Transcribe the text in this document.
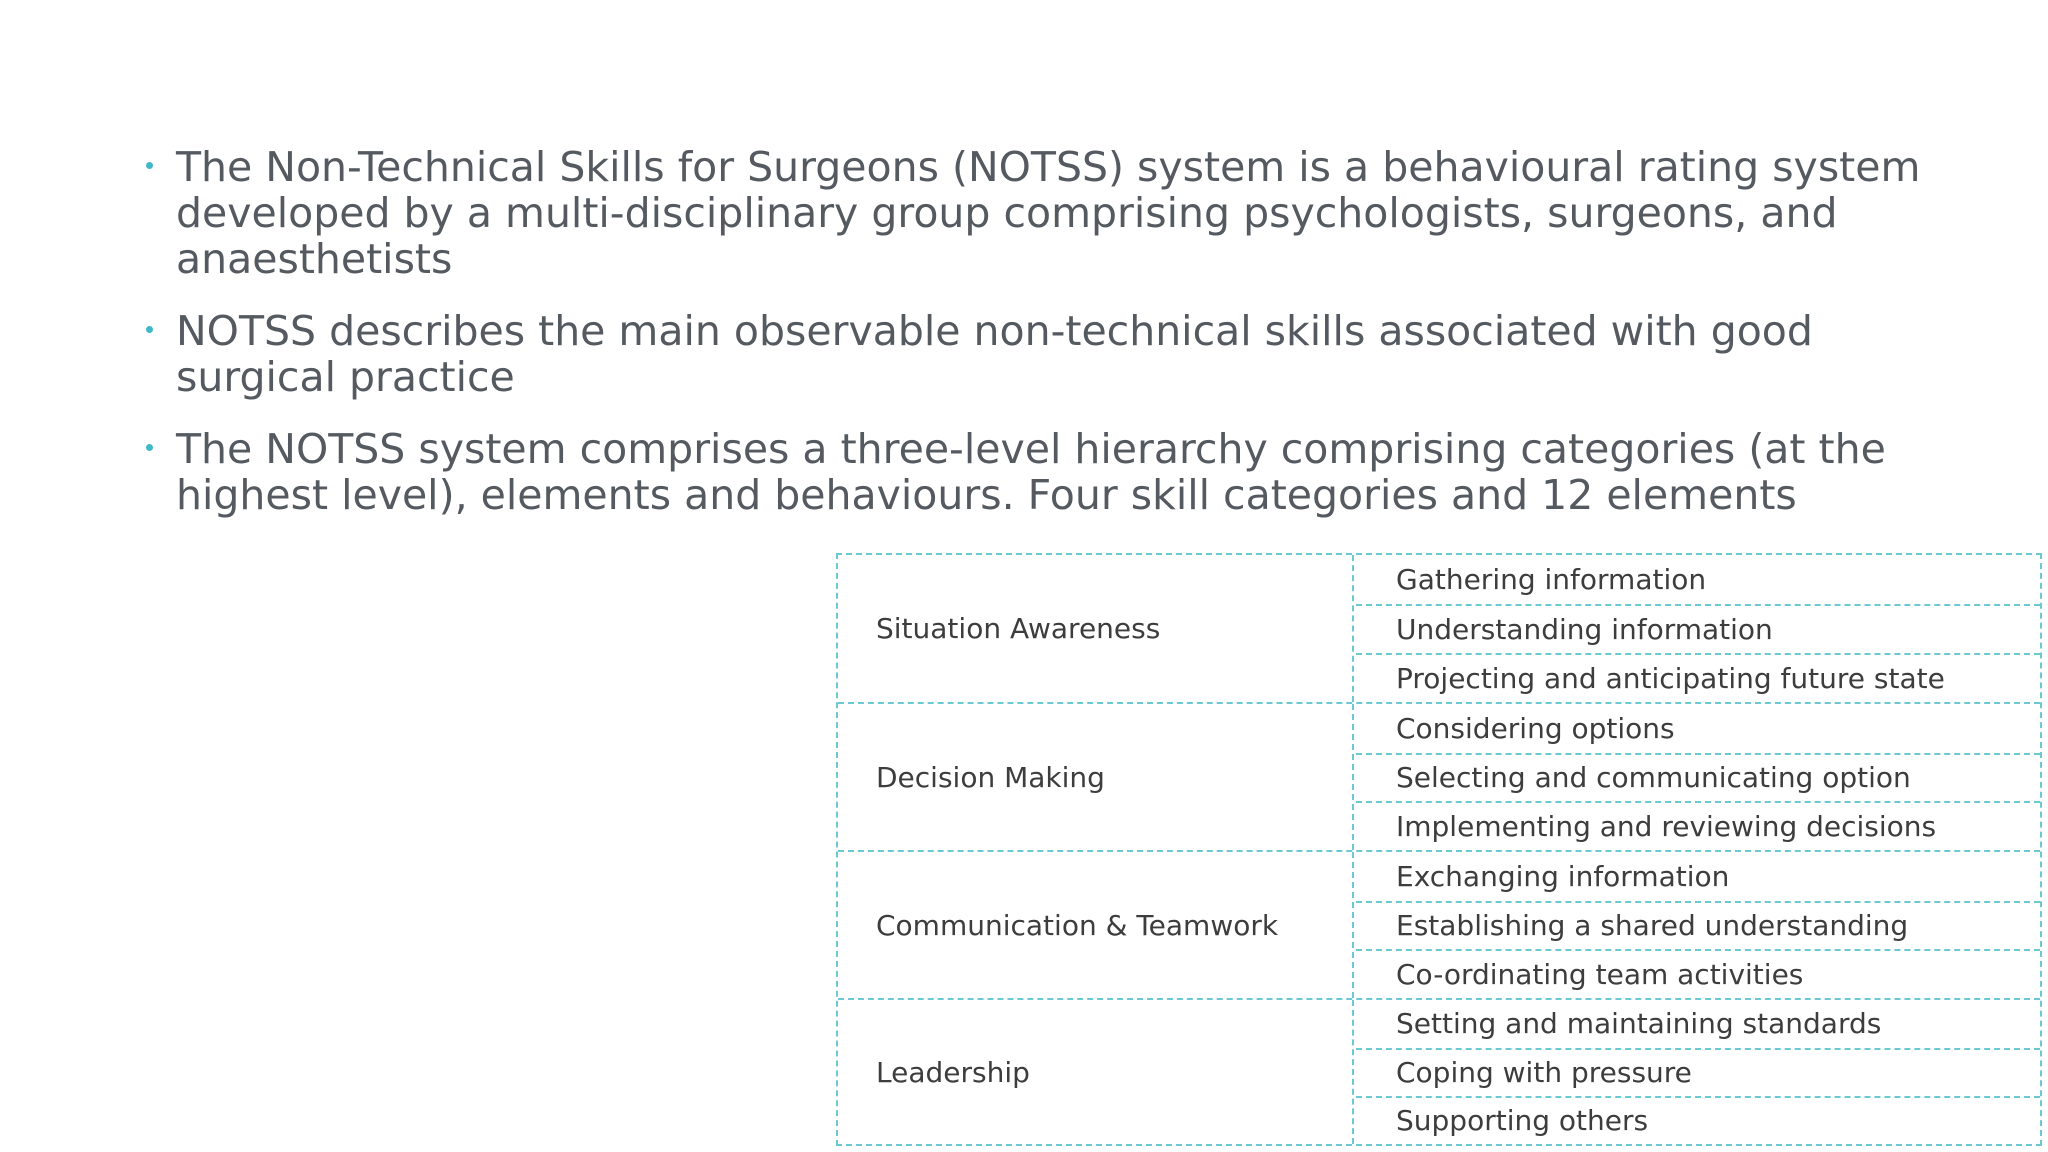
The Non-Technical Skills for Surgeons (NOTSS) system is a behavioural rating system developed by a multi-disciplinary group comprising psychologists, surgeons, and anaesthetists
NOTSS describes the main observable non-technical skills associated with good surgical practice
The NOTSS system comprises a three-level hierarchy comprising categories (at the highest level), elements and behaviours. Four skill categories and 12 elements
Situation Awareness
Gathering information
Understanding information
Projecting and anticipating future state
Decision Making
Considering options
Selecting and communicating option
Implementing and reviewing decisions
Communication & Teamwork
Exchanging information
Establishing a shared understanding
Co-ordinating team activities
Leadership
Setting and maintaining standards
Coping with pressure
Supporting others
